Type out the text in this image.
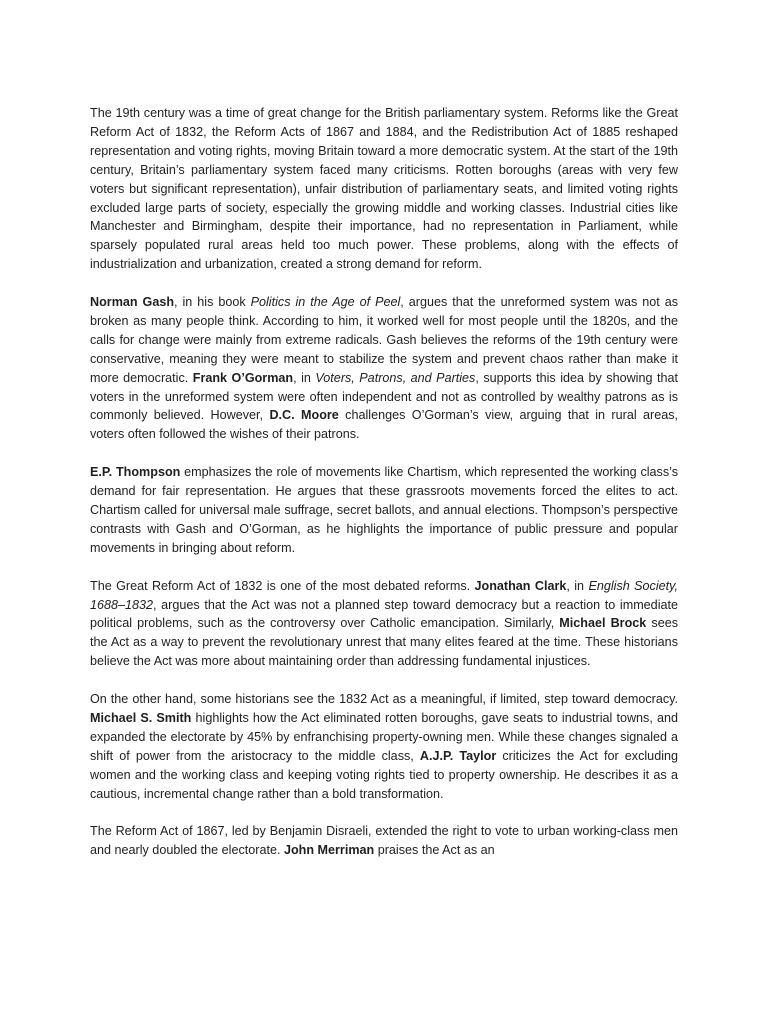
The 19th century was a time of great change for the British parliamentary system. Reforms like the Great Reform Act of 1832, the Reform Acts of 1867 and 1884, and the Redistribution Act of 1885 reshaped representation and voting rights, moving Britain toward a more democratic system. At the start of the 19th century, Britain’s parliamentary system faced many criticisms. Rotten boroughs (areas with very few voters but significant representation), unfair distribution of parliamentary seats, and limited voting rights excluded large parts of society, especially the growing middle and working classes. Industrial cities like Manchester and Birmingham, despite their importance, had no representation in Parliament, while sparsely populated rural areas held too much power. These problems, along with the effects of industrialization and urbanization, created a strong demand for reform.

Norman Gash, in his book Politics in the Age of Peel, argues that the unreformed system was not as broken as many people think. According to him, it worked well for most people until the 1820s, and the calls for change were mainly from extreme radicals. Gash believes the reforms of the 19th century were conservative, meaning they were meant to stabilize the system and prevent chaos rather than make it more democratic. Frank O’Gorman, in Voters, Patrons, and Parties, supports this idea by showing that voters in the unreformed system were often independent and not as controlled by wealthy patrons as is commonly believed. However, D.C. Moore challenges O’Gorman’s view, arguing that in rural areas, voters often followed the wishes of their patrons.

E.P. Thompson emphasizes the role of movements like Chartism, which represented the working class’s demand for fair representation. He argues that these grassroots movements forced the elites to act. Chartism called for universal male suffrage, secret ballots, and annual elections. Thompson’s perspective contrasts with Gash and O’Gorman, as he highlights the importance of public pressure and popular movements in bringing about reform.

The Great Reform Act of 1832 is one of the most debated reforms. Jonathan Clark, in English Society, 1688–1832, argues that the Act was not a planned step toward democracy but a reaction to immediate political problems, such as the controversy over Catholic emancipation. Similarly, Michael Brock sees the Act as a way to prevent the revolutionary unrest that many elites feared at the time. These historians believe the Act was more about maintaining order than addressing fundamental injustices.

On the other hand, some historians see the 1832 Act as a meaningful, if limited, step toward democracy. Michael S. Smith highlights how the Act eliminated rotten boroughs, gave seats to industrial towns, and expanded the electorate by 45% by enfranchising property-owning men. While these changes signaled a shift of power from the aristocracy to the middle class, A.J.P. Taylor criticizes the Act for excluding women and the working class and keeping voting rights tied to property ownership. He describes it as a cautious, incremental change rather than a bold transformation.

The Reform Act of 1867, led by Benjamin Disraeli, extended the right to vote to urban working-class men and nearly doubled the electorate. John Merriman praises the Act as an
